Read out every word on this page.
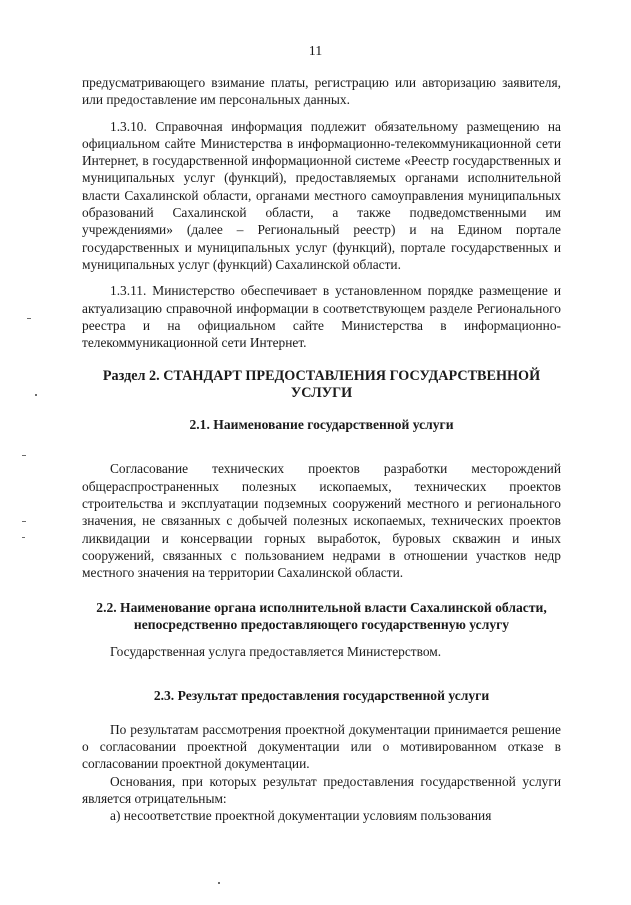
11

предусматривающего взимание платы, регистрацию или авторизацию заявителя, или предоставление им персональных данных.

1.3.10. Справочная информация подлежит обязательному размещению на официальном сайте Министерства в информационно-телекоммуникационной сети Интернет, в государственной информационной системе «Реестр государственных и муниципальных услуг (функций), предоставляемых органами исполнительной власти Сахалинской области, органами местного самоуправления муниципальных образований Сахалинской области, а также подведомственными им учреждениями» (далее – Региональный реестр) и на Едином портале государственных и муниципальных услуг (функций), портале государственных и муниципальных услуг (функций) Сахалинской области.

1.3.11. Министерство обеспечивает в установленном порядке размещение и актуализацию справочной информации в соответствующем разделе Регионального реестра и на официальном сайте Министерства в информационно-телекоммуникационной сети Интернет.

Раздел 2. СТАНДАРТ ПРЕДОСТАВЛЕНИЯ ГОСУДАРСТВЕННОЙ УСЛУГИ
2.1. Наименование государственной услуги

Согласование технических проектов разработки месторождений общераспространенных полезных ископаемых, технических проектов строительства и эксплуатации подземных сооружений местного и регионального значения, не связанных с добычей полезных ископаемых, технических проектов ликвидации и консервации горных выработок, буровых скважин и иных сооружений, связанных с пользованием недрами в отношении участков недр местного значения на территории Сахалинской области.

2.2. Наименование органа исполнительной власти Сахалинской области, непосредственно предоставляющего государственную услугу

Государственная услуга предоставляется Министерством.

2.3. Результат предоставления государственной услуги

По результатам рассмотрения проектной документации принимается решение о согласовании проектной документации или о мотивированном отказе в согласовании проектной документации.

Основания, при которых результат предоставления государственной услуги является отрицательным:

а) несоответствие проектной документации условиям пользования
